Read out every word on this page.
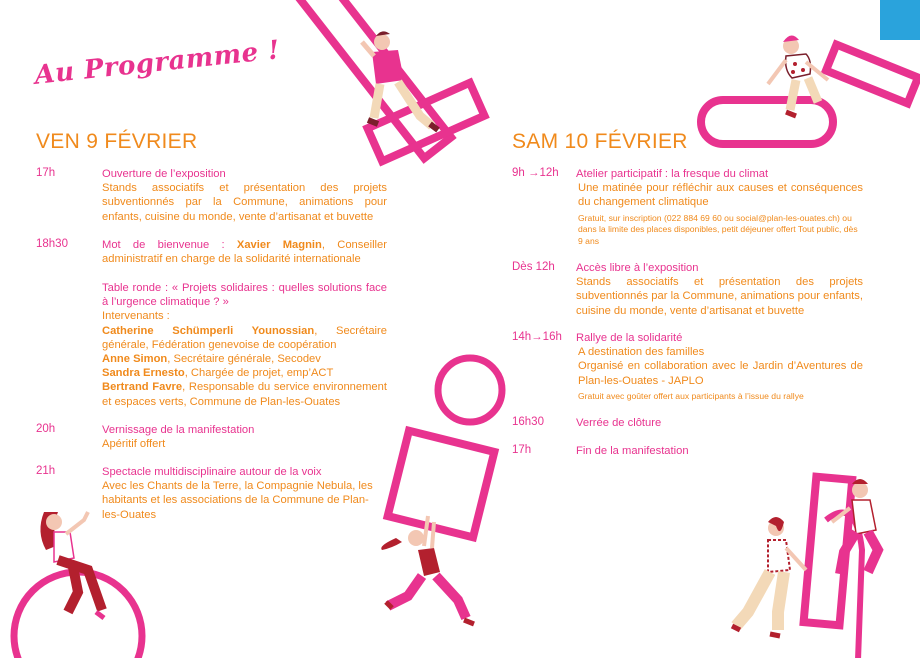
Au Programme !
VEN 9 FÉVRIER
17h	Ouverture de l’exposition

Stands associatifs et présentation des projets subventionnés par la Commune, animations pour enfants, cuisine du monde, vente d’artisanat et buvette

18h30	Mot de bienvenue : Xavier Magnin, Conseiller administratif en charge de la solidarité internationale

Table ronde : « Projets solidaires : quelles solutions face à l’urgence climatique ? »

Intervenants :

Catherine Schümperli Younossian, Secrétaire générale, Fédération genevoise de coopération

Anne Simon, Secrétaire générale, Secodev

Sandra Ernesto, Chargée de projet, emp’ACT

Bertrand Favre, Responsable du service environnement et espaces verts, Commune de Plan-les-Ouates

20h	Vernissage de la manifestation

Apéritif offert

21h	Spectacle multidisciplinaire autour de la voix

Avec les Chants de la Terre, la Compagnie Nebula, les habitants et les associations de la Commune de Plan-les-Ouates

SAM 10 FÉVRIER
9h →12h Atelier participatif : la fresque du climat

Une matinée pour réfléchir aux causes et conséquences du changement climatique

Gratuit, sur inscription (022 884 69 60 ou social@plan-les-ouates.ch) ou dans la limite des places disponibles, petit déjeuner offert Tout public, dès 9 ans

Dès 12h Accès libre à l’exposition

Stands associatifs et présentation des projets subventionnés par la Commune, animations pour enfants, cuisine du monde, vente d’artisanat et buvette

14h→16h Rallye de la solidarité

A destination des familles

Organisé en collaboration avec le Jardin d’Aventures de Plan-les-Ouates - JAPLO

Gratuit avec goûter offert aux participants à l’issue du rallye

16h30	Verrée de clôture

17h	Fin de la manifestation
